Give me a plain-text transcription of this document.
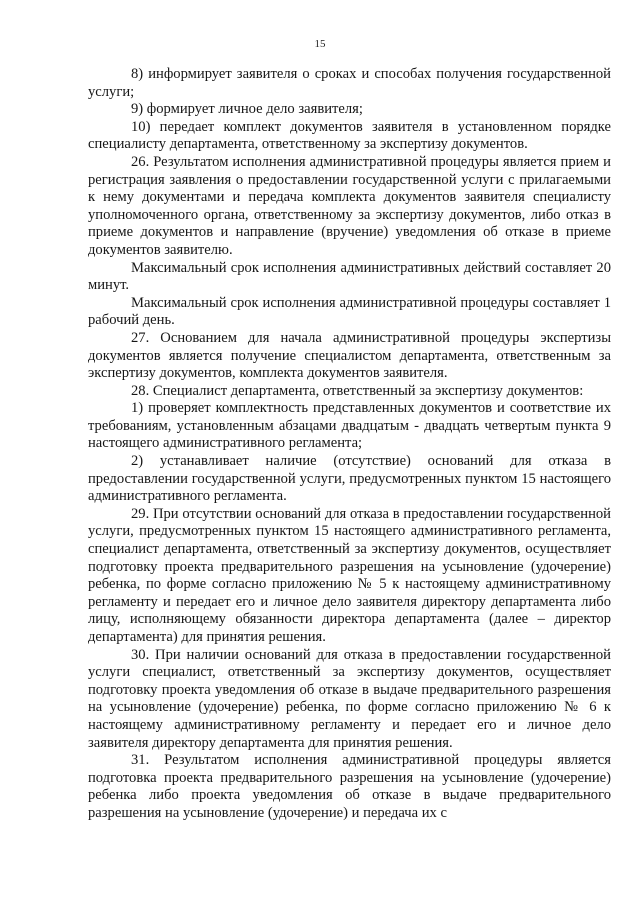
15

8) информирует заявителя о сроках и способах получения государственной услуги;

9) формирует личное дело заявителя;

10) передает комплект документов заявителя в установленном порядке специалисту департамента, ответственному за экспертизу документов.

26. Результатом исполнения административной процедуры является прием и регистрация заявления о предоставлении государственной услуги с прилагаемыми к нему документами и передача комплекта документов заявителя специалисту уполномоченного органа, ответственному за экспертизу документов, либо отказ в приеме документов и направление (вручение) уведомления об отказе в приеме документов заявителю.

Максимальный срок исполнения административных действий составляет 20 минут.

Максимальный срок исполнения административной процедуры составляет 1 рабочий день.

27. Основанием для начала административной процедуры экспертизы документов является получение специалистом департамента, ответственным за экспертизу документов, комплекта документов заявителя.

28. Специалист департамента, ответственный за экспертизу документов:

1) проверяет комплектность представленных документов и соответствие их требованиям, установленным абзацами двадцатым - двадцать четвертым пункта 9 настоящего административного регламента;

2) устанавливает наличие (отсутствие) оснований для отказа в предоставлении государственной услуги, предусмотренных пунктом 15 настоящего административного регламента.

29. При отсутствии оснований для отказа в предоставлении государственной услуги, предусмотренных пунктом 15 настоящего административного регламента, специалист департамента, ответственный за экспертизу документов, осуществляет подготовку проекта предварительного разрешения на усыновление (удочерение) ребенка, по форме согласно приложению № 5 к настоящему административному регламенту и передает его и личное дело заявителя директору департамента либо лицу, исполняющему обязанности директора департамента (далее – директор департамента) для принятия решения.

30. При наличии оснований для отказа в предоставлении государственной услуги специалист, ответственный за экспертизу документов, осуществляет подготовку проекта уведомления об отказе в выдаче предварительного разрешения на усыновление (удочерение) ребенка, по форме согласно приложению № 6 к настоящему административному регламенту и передает его и личное дело заявителя директору департамента для принятия решения.

31. Результатом исполнения административной процедуры является подготовка проекта предварительного разрешения на усыновление (удочерение) ребенка либо проекта уведомления об отказе в выдаче предварительного разрешения на усыновление (удочерение) и передача их с
